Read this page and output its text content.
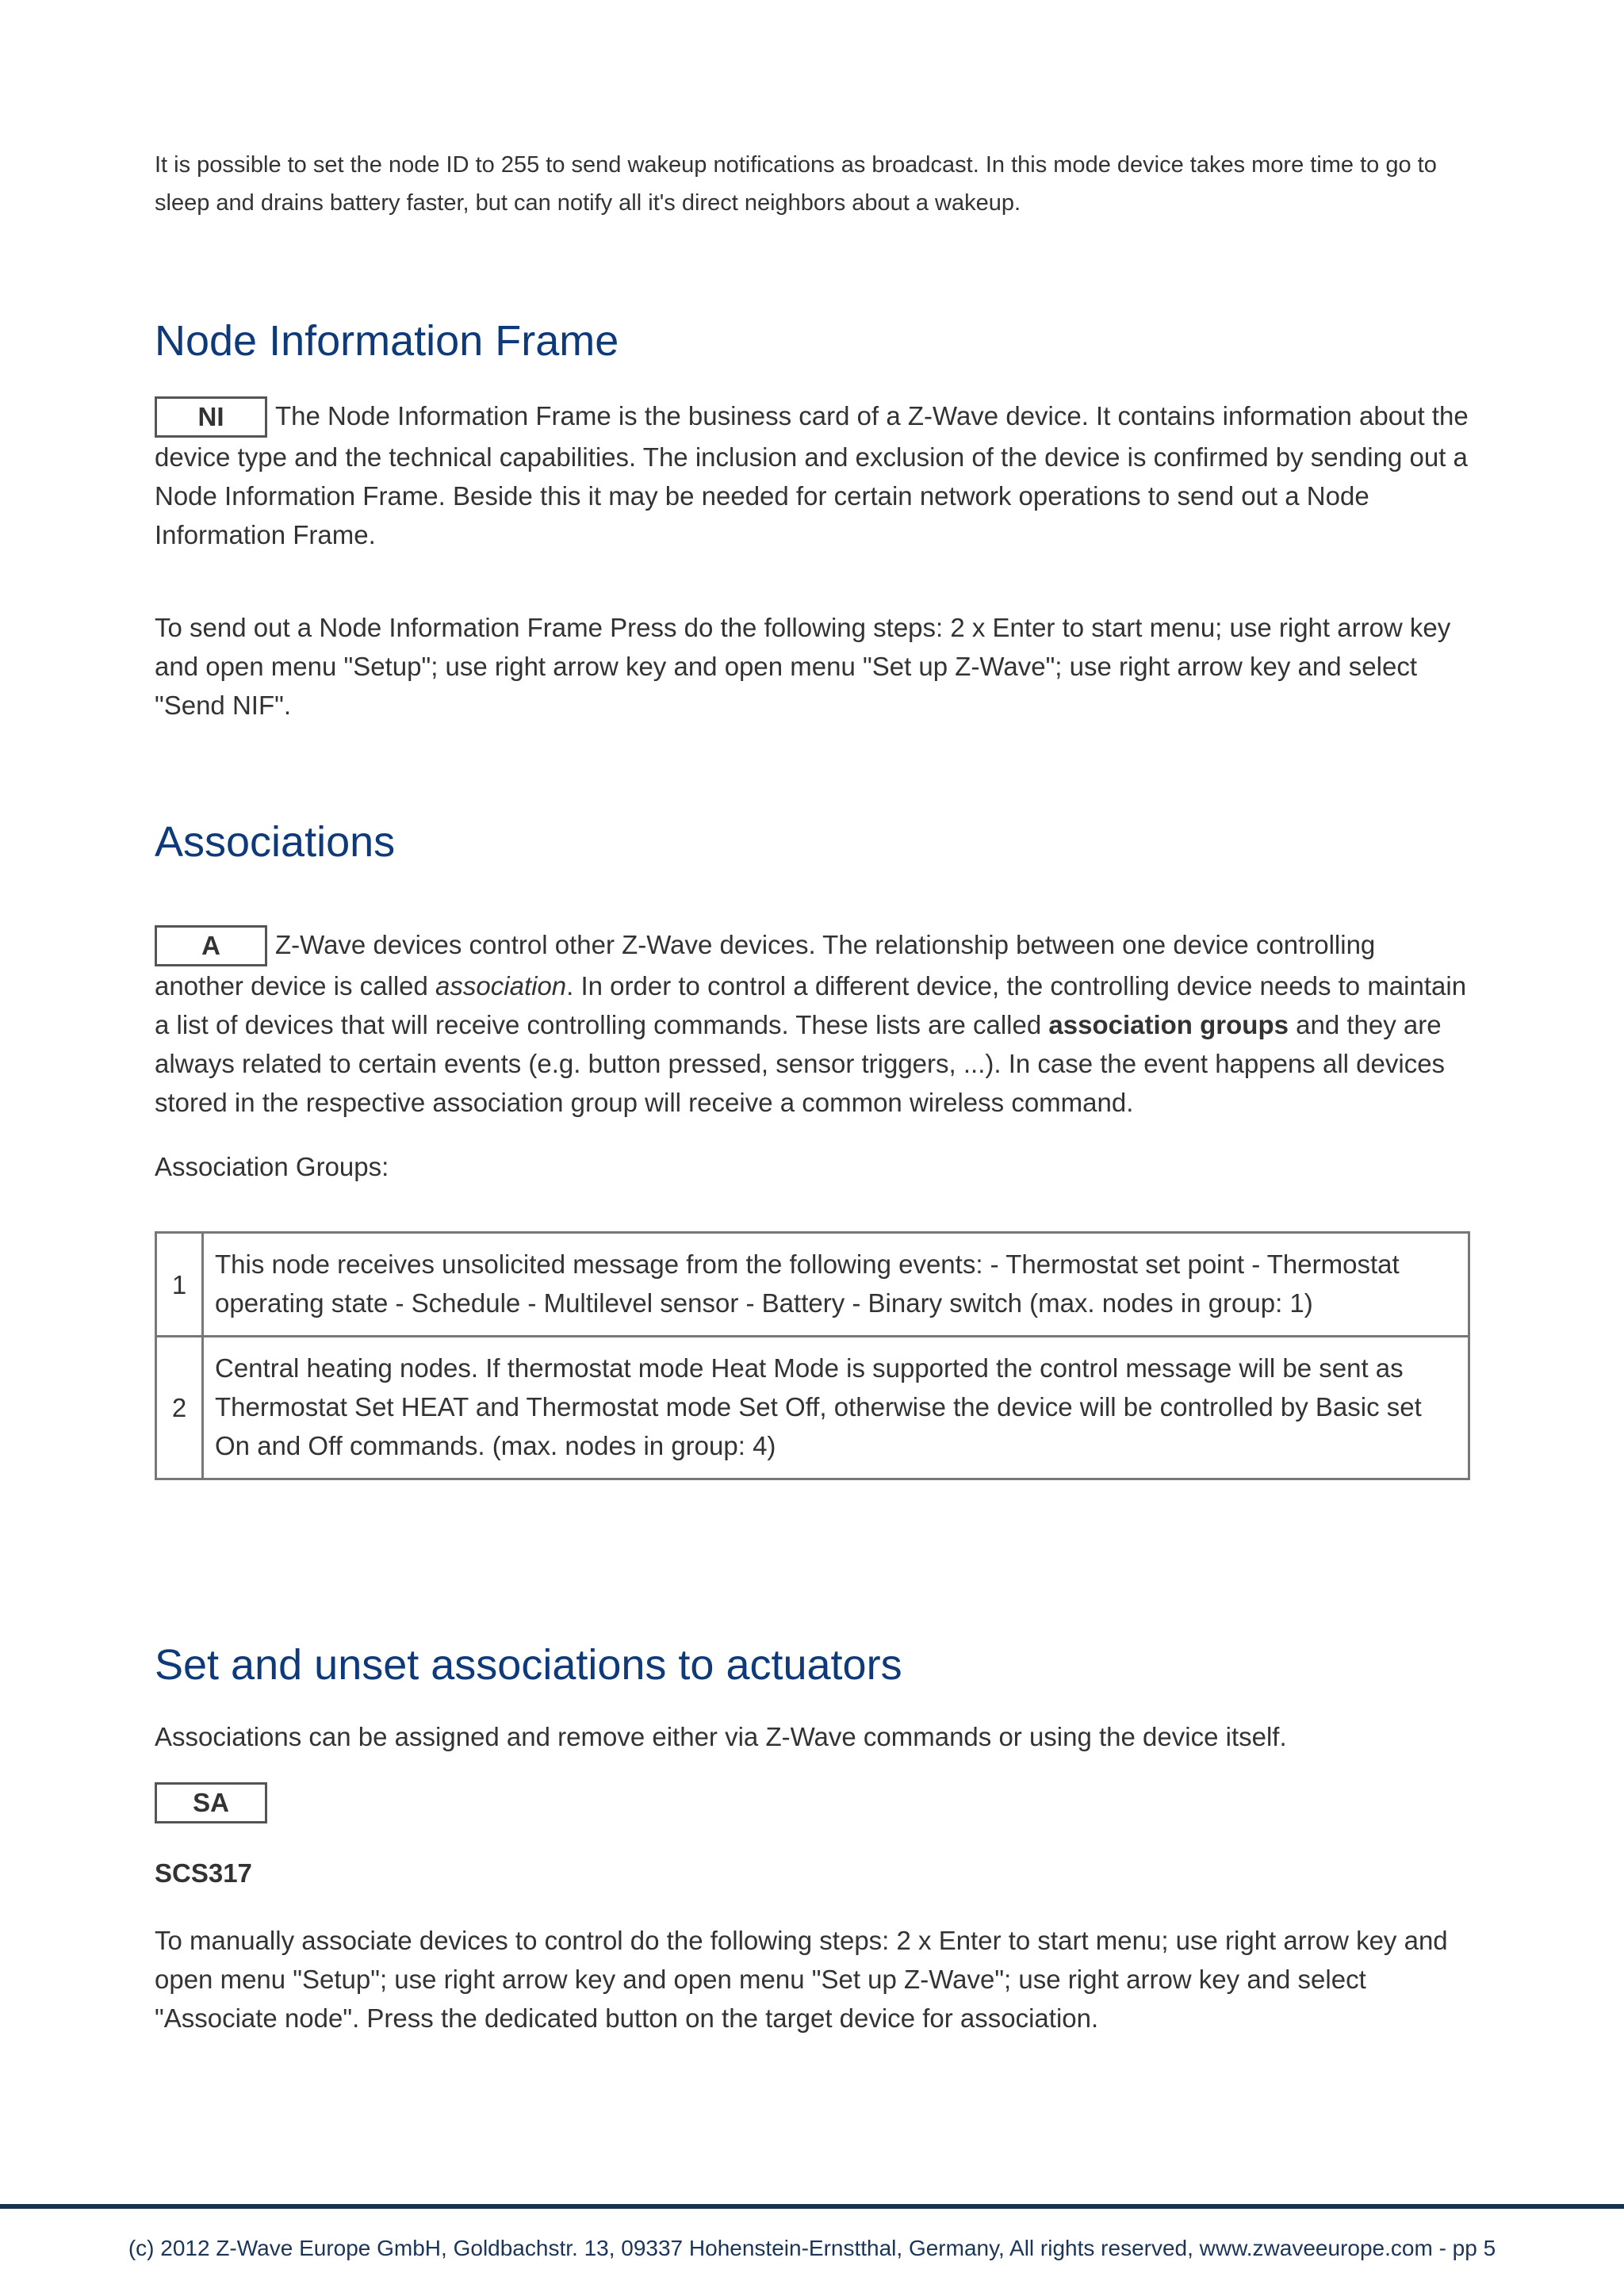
It is possible to set the node ID to 255 to send wakeup notifications as broadcast. In this mode device takes more time to go to sleep and drains battery faster, but can notify all it's direct neighbors about a wakeup.

Node Information Frame

NI The Node Information Frame is the business card of a Z-Wave device. It contains information about the device type and the technical capabilities. The inclusion and exclusion of the device is confirmed by sending out a Node Information Frame. Beside this it may be needed for certain network operations to send out a Node Information Frame.

To send out a Node Information Frame Press do the following steps: 2 x Enter to start menu; use right arrow key and open menu "Setup"; use right arrow key and open menu "Set up Z-Wave"; use right arrow key and select "Send NIF".

Associations

A Z-Wave devices control other Z-Wave devices. The relationship between one device controlling another device is called association. In order to control a different device, the controlling device needs to maintain a list of devices that will receive controlling commands. These lists are called association groups and they are always related to certain events (e.g. button pressed, sensor triggers, ...). In case the event happens all devices stored in the respective association group will receive a common wireless command.

Association Groups:

1	This node receives unsolicited message from the following events: - Thermostat set point - Thermostat operating state - Schedule - Multilevel sensor - Battery - Binary switch (max. nodes in group: 1)
2	Central heating nodes. If thermostat mode Heat Mode is supported the control message will be sent as Thermostat Set HEAT and Thermostat mode Set Off, otherwise the device will be controlled by Basic set On and Off commands. (max. nodes in group: 4)
Set and unset associations to actuators

Associations can be assigned and remove either via Z-Wave commands or using the device itself.

SA

SCS317

To manually associate devices to control do the following steps: 2 x Enter to start menu; use right arrow key and open menu "Setup"; use right arrow key and open menu "Set up Z-Wave"; use right arrow key and select "Associate node". Press the dedicated button on the target device for association.

(c) 2012 Z-Wave Europe GmbH, Goldbachstr. 13, 09337 Hohenstein-Ernstthal, Germany, All rights reserved, www.zwaveeurope.com - pp 5
